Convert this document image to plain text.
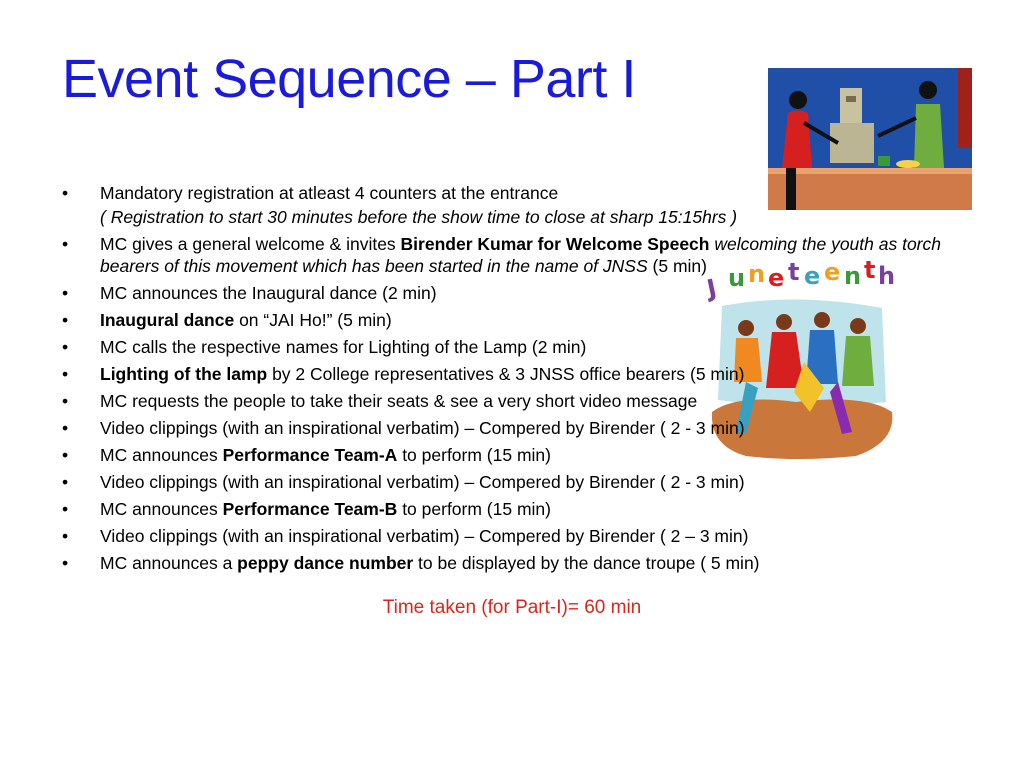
Event Sequence – Part I
J u n e t e e n t h
• Mandatory registration at atleast 4 counters at the entrance
( Registration to start 30 minutes before the show time to close at sharp 15:15hrs )
• MC gives a general welcome & invites Birender Kumar for Welcome Speech welcoming the youth as torch bearers of this movement which has been started in the name of JNSS (5 min)
• MC announces the Inaugural dance (2 min)
• Inaugural dance on “JAI Ho!” (5 min)
• MC calls the respective names for Lighting of the Lamp (2 min)
• Lighting of the lamp by 2 College representatives & 3 JNSS office bearers (5 min)
• MC requests the people to take their seats & see a very short video message
• Video clippings (with an inspirational verbatim) – Compered by Birender ( 2 - 3 min)
• MC announces Performance Team-A to perform (15 min)
• Video clippings (with an inspirational verbatim) – Compered by Birender ( 2 - 3 min)
• MC announces Performance Team-B to perform (15 min)
• Video clippings (with an inspirational verbatim) – Compered by Birender ( 2 – 3 min)
• MC announces a peppy dance number to be displayed by the dance troupe ( 5 min)
Time taken (for Part-I)= 60 min
